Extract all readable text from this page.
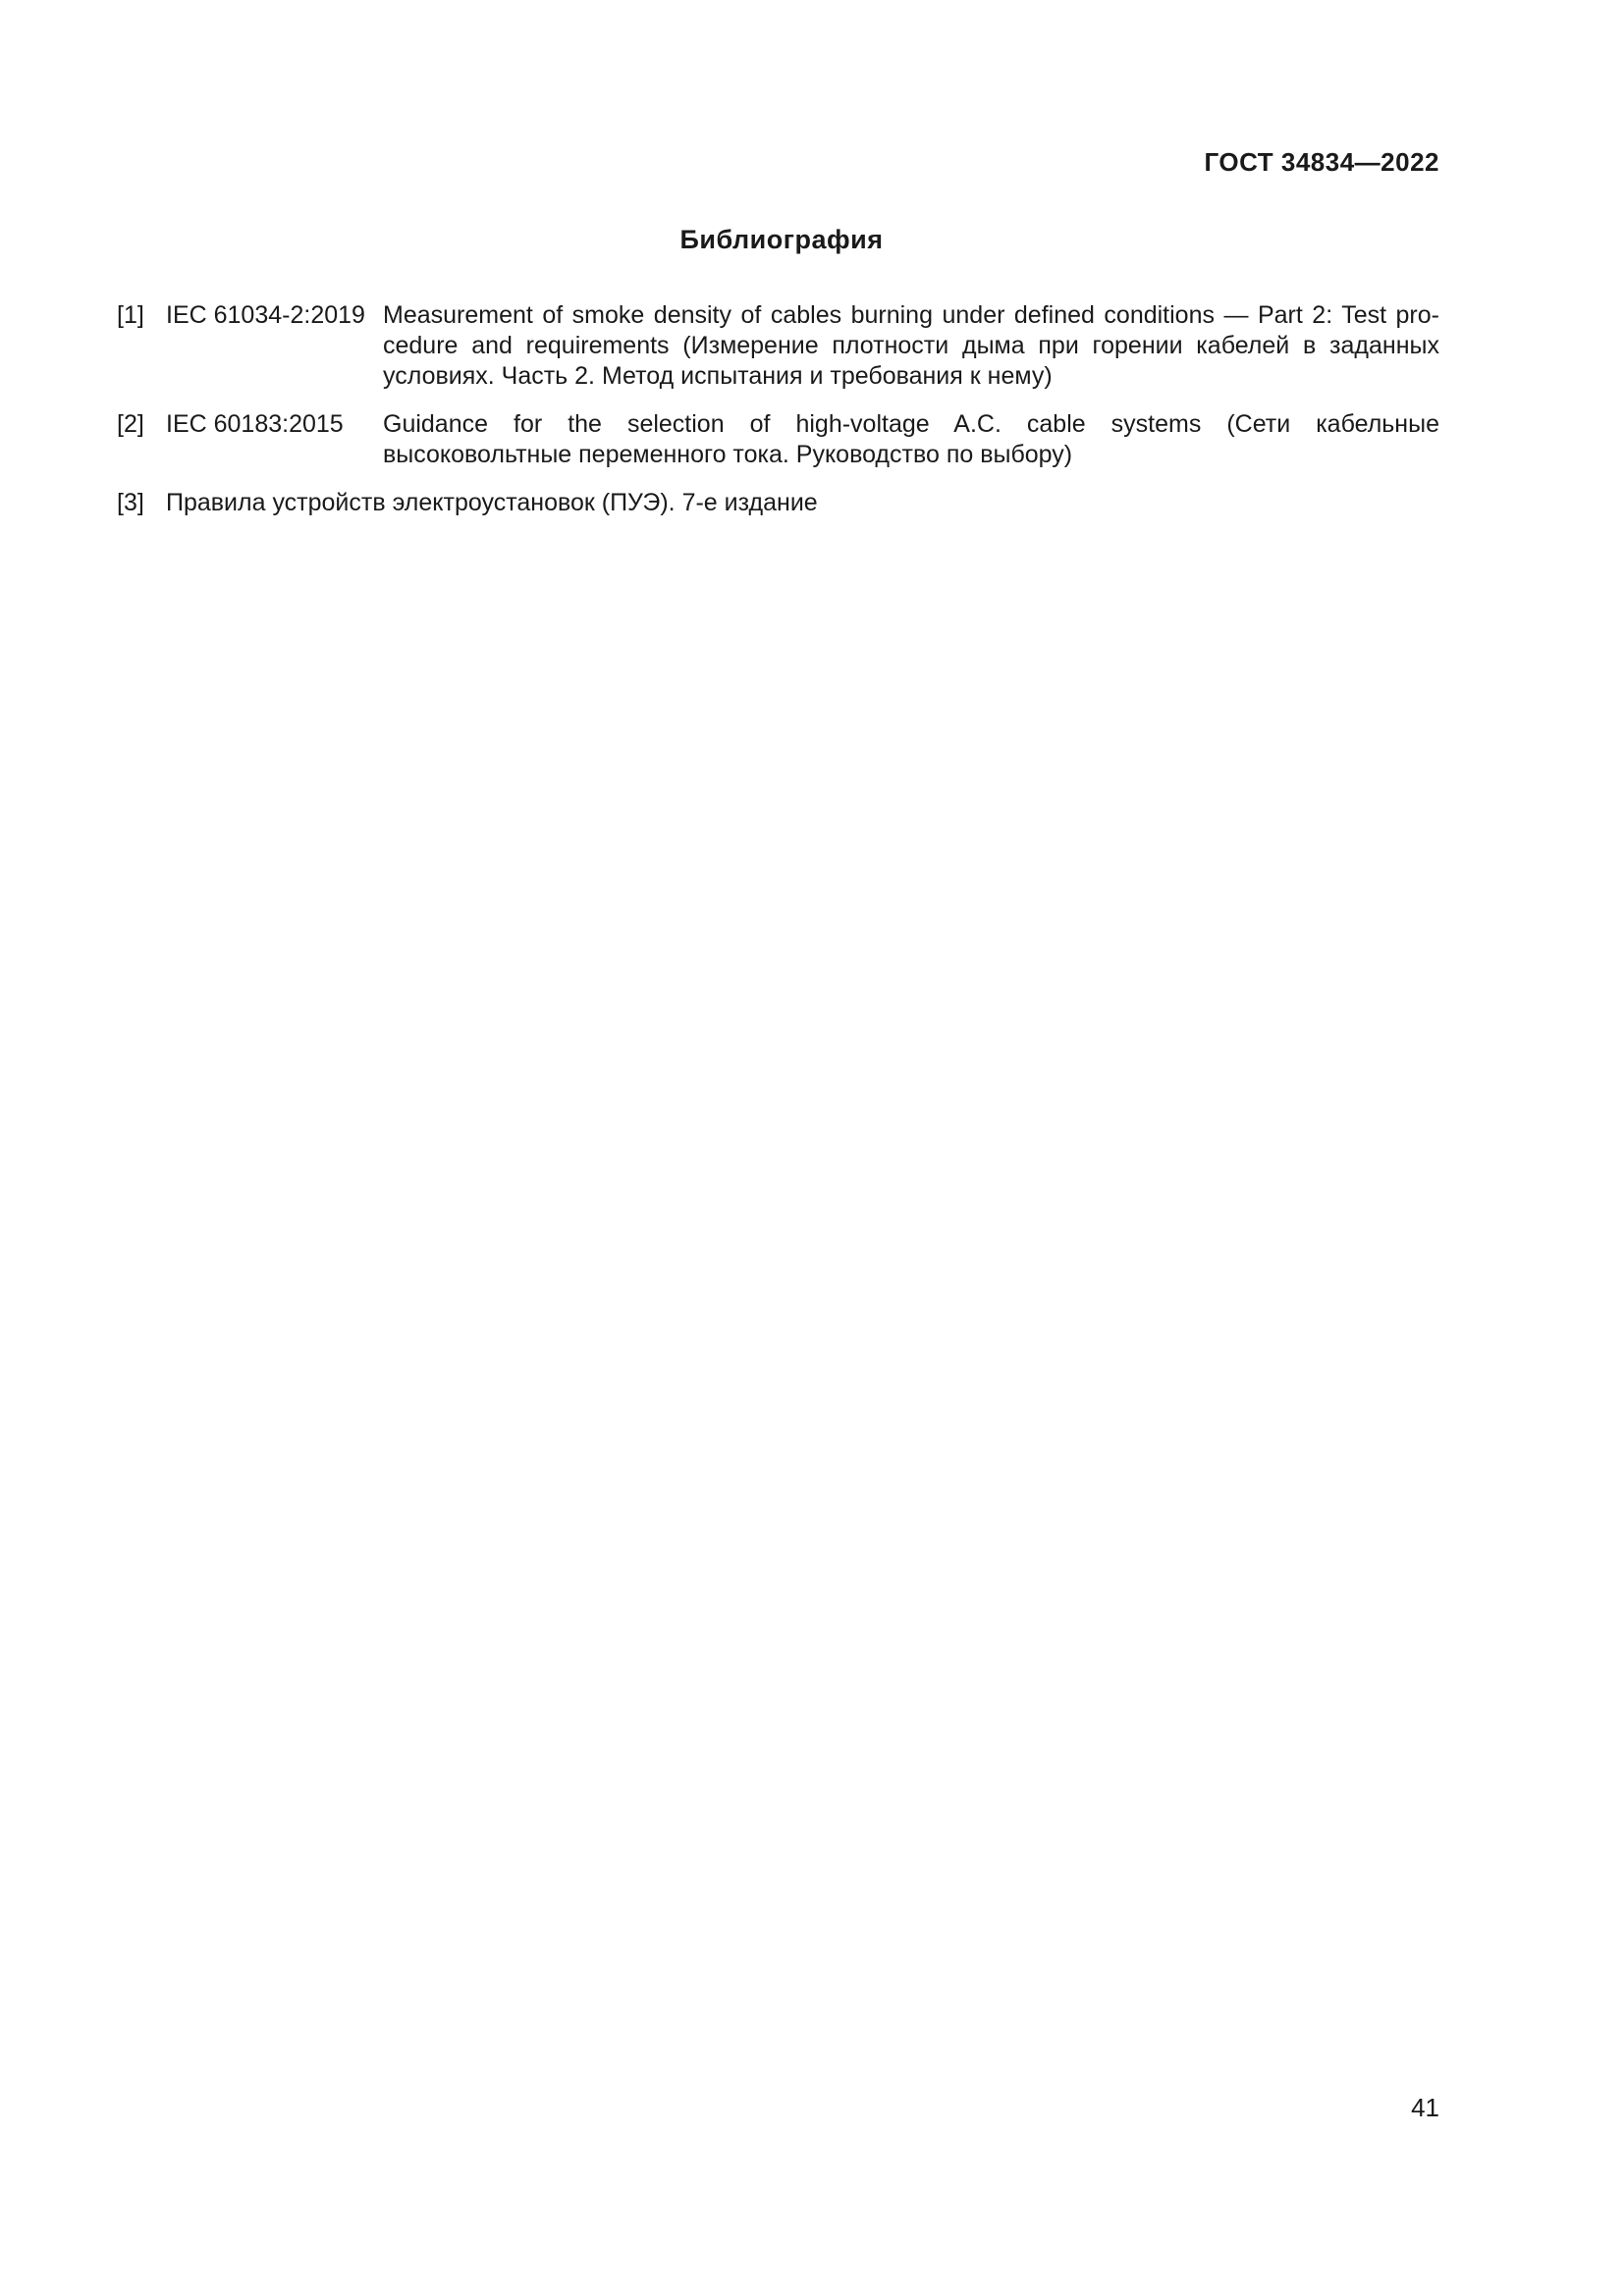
ГОСТ 34834—2022

Библиография
[1] IEC 61034-2:2019 Measurement of smoke density of cables burning under defined conditions — Part 2: Test procedure and requirements (Измерение плотности дыма при горении кабелей в заданных условиях. Часть 2. Метод испытания и требования к нему)
[2] IEC 60183:2015 Guidance for the selection of high-voltage A.C. cable systems (Сети кабельные высоковольтные переменного тока. Руководство по выбору)
[3] Правила устройств электроустановок (ПУЭ). 7-е издание

41
